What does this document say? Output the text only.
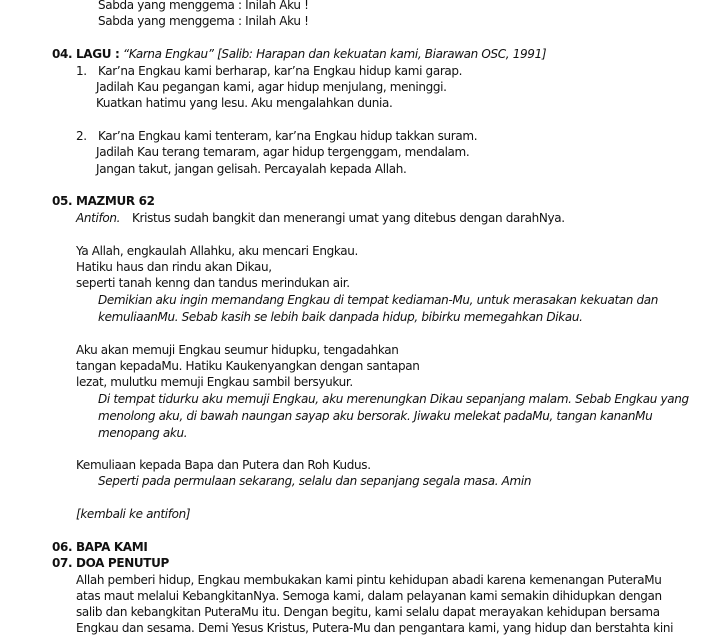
Sabda yang menggema : Inilah Aku !
Sabda yang menggema : Inilah Aku !
04. LAGU : “Karna Engkau” [Salib: Harapan dan kekuatan kami, Biarawan OSC, 1991]
1. Kar’na Engkau kami berharap, kar’na Engkau hidup kami garap.
Jadilah Kau pegangan kami, agar hidup menjulang, meninggi.
Kuatkan hatimu yang lesu. Aku mengalahkan dunia.
2. Kar’na Engkau kami tenteram, kar’na Engkau hidup takkan suram.
Jadilah Kau terang temaram, agar hidup tergenggam, mendalam.
Jangan takut, jangan gelisah. Percayalah kepada Allah.
05. MAZMUR 62
Antifon. Kristus sudah bangkit dan menerangi umat yang ditebus dengan darahNya.
Ya Allah, engkaulah Allahku, aku mencari Engkau.
Hatiku haus dan rindu akan Dikau,
seperti tanah kenng dan tandus merindukan air.
Demikian aku ingin memandang Engkau di tempat kediaman-Mu, untuk merasakan kekuatan dan
kemuliaanMu. Sebab kasih se lebih baik danpada hidup, bibirku memegahkan Dikau.
Aku akan memuji Engkau seumur hidupku, tengadahkan
tangan kepadaMu. Hatiku Kaukenyangkan dengan santapan
lezat, mulutku memuji Engkau sambil bersyukur.
Di tempat tidurku aku memuji Engkau, aku merenungkan Dikau sepanjang malam. Sebab Engkau yang
menolong aku, di bawah naungan sayap aku bersorak. Jiwaku melekat padaMu, tangan kananMu
menopang aku.
Kemuliaan kepada Bapa dan Putera dan Roh Kudus.
Seperti pada permulaan sekarang, selalu dan sepanjang segala masa. Amin
[kembali ke antifon]
06. BAPA KAMI
07. DOA PENUTUP
Allah pemberi hidup, Engkau membukakan kami pintu kehidupan abadi karena kemenangan PuteraMu
atas maut melalui KebangkitanNya. Semoga kami, dalam pelayanan kami semakin dihidupkan dengan
salib dan kebangkitan PuteraMu itu. Dengan begitu, kami selalu dapat merayakan kehidupan bersama
Engkau dan sesama. Demi Yesus Kristus, Putera-Mu dan pengantara kami, yang hidup dan berstahta kini
